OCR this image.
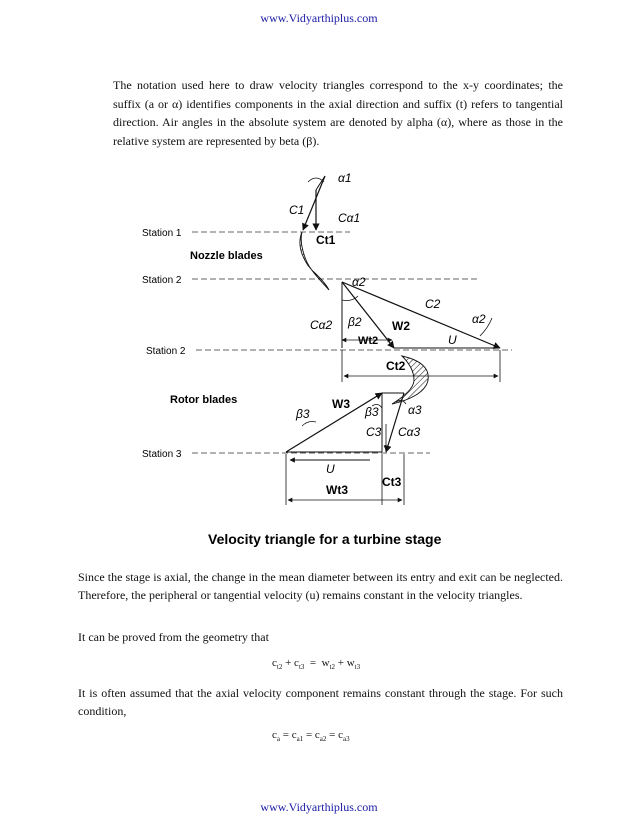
www.Vidyarthiplus.com
The notation used here to draw velocity triangles correspond to the x-y coordinates; the suffix (a or α) identifies components in the axial direction and suffix (t) refers to tangential direction. Air angles in the absolute system are denoted by alpha (α), where as those in the relative system are represented by beta (β).
Station 1
Station 2
Station 2
Station 3
Nozzle blades
Rotor blades
α1
C1
Cα1
Ct1
α2
C2
α2
Cα2 β2	W2
U
Wt2
Ct2
β3
W3
β3 α3
C3 Cα3
U
Wt3
Ct3
Velocity triangle for a turbine stage
Since the stage is axial, the change in the mean diameter between its entry and exit can be neglected. Therefore, the peripheral or tangential velocity (u) remains constant in the velocity triangles.
It can be proved from the geometry that
$c_{t2} + c_{t3} = w_{t2} + w_{t3}$
It is often assumed that the axial velocity component remains constant through the stage. For such condition,
$c_a = c_{a1} = c_{a2} = c_{a3}$
www.Vidyarthiplus.com
